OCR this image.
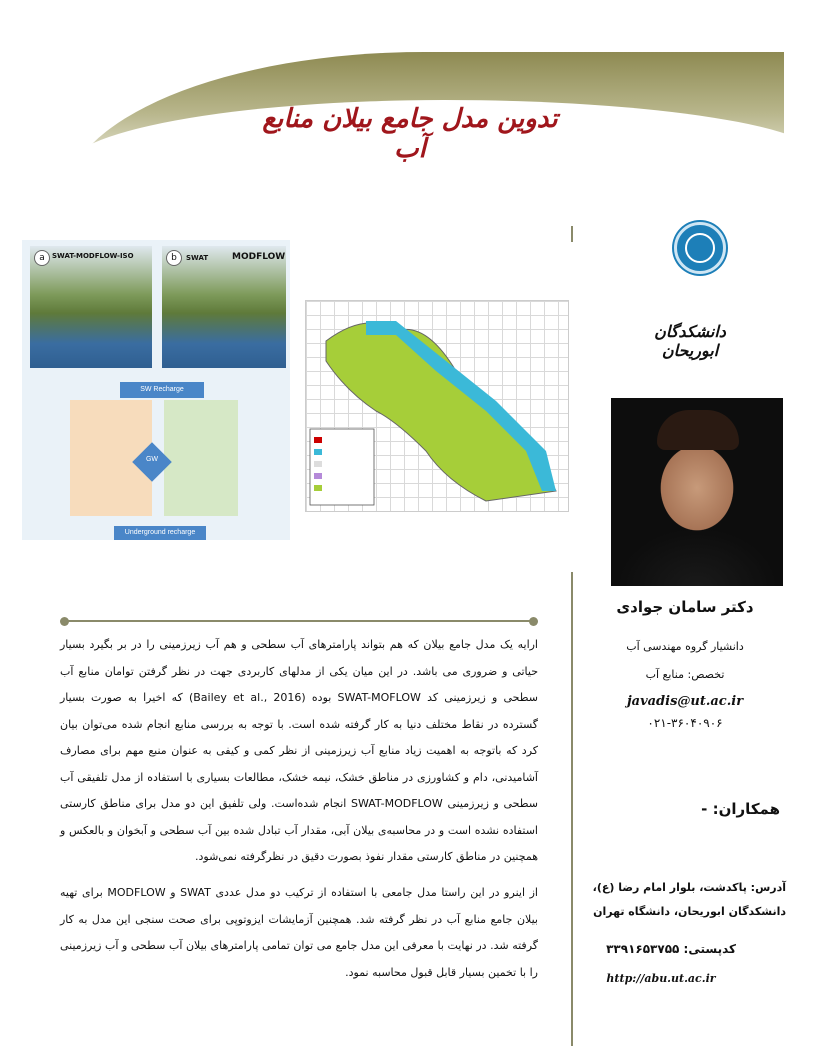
تدوین مدل جامع بیلان منابع آب
دانشکدگان ابوریحان
a	SWAT-MODFLOW-ISO	b	SWAT	MODFLOW
SW Recharge
GW
Underground recharge
دکتر سامان جوادی
دانشیار گروه مهندسی آب
تخصص: منابع آب
javadis@ut.ac.ir
۰۲۱-۳۶۰۴۰۹۰۶
همکاران: -
آدرس: پاکدشت، بلوار امام رضا (ع)،
دانشکدگان ابوریحان، دانشگاه تهران
کدپستی: ۳۳۹۱۶۵۳۷۵۵
http://abu.ut.ac.ir
ارایه یک مدل جامع بیلان که هم بتواند پارامترهای آب سطحی و هم آب زیرزمینی را در بر بگیرد بسیار حیاتی و ضروری می باشد. در این میان یکی از مدلهای کاربردی جهت در نظر گرفتن توامان منابع آب سطحی و زیرزمینی کد SWAT-MOFLOW بوده (Bailey et al., 2016) که اخیرا به صورت بسیار گسترده در نقاط مختلف دنیا به کار گرفته شده است. با توجه به بررسی منابع انجام شده می‌توان بیان کرد که باتوجه به اهمیت زیاد منابع آب زیرزمینی از نظر کمی و کیفی به عنوان منبع مهم برای مصارف آشامیدنی، دام و کشاورزی در مناطق خشک، نیمه خشک، مطالعات بسیاری با استفاده از مدل تلفیقی آب سطحی و زیرزمینی SWAT-MODFLOW انجام شده‌است. ولی تلفیق این دو مدل برای مناطق کارستی استفاده نشده است و در محاسبه‌ی بیلان آبی، مقدار آب تبادل شده بین آب سطحی و آبخوان و بالعکس و همچنین در مناطق کارستی مقدار نفوذ بصورت دقیق در نظرگرفته نمی‌شود.
از اینرو در این راستا مدل جامعی با استفاده از ترکیب دو مدل عددی SWAT و MODFLOW برای تهیه بیلان جامع منابع آب در نظر گرفته شد. همچنین آزمایشات ایزوتوپی برای صحت سنجی این مدل به کار گرفته شد. در نهایت با معرفی این مدل جامع می توان تمامی پارامترهای بیلان آب سطحی و آب زیرزمینی را با تخمین بسیار قابل قبول محاسبه نمود.
